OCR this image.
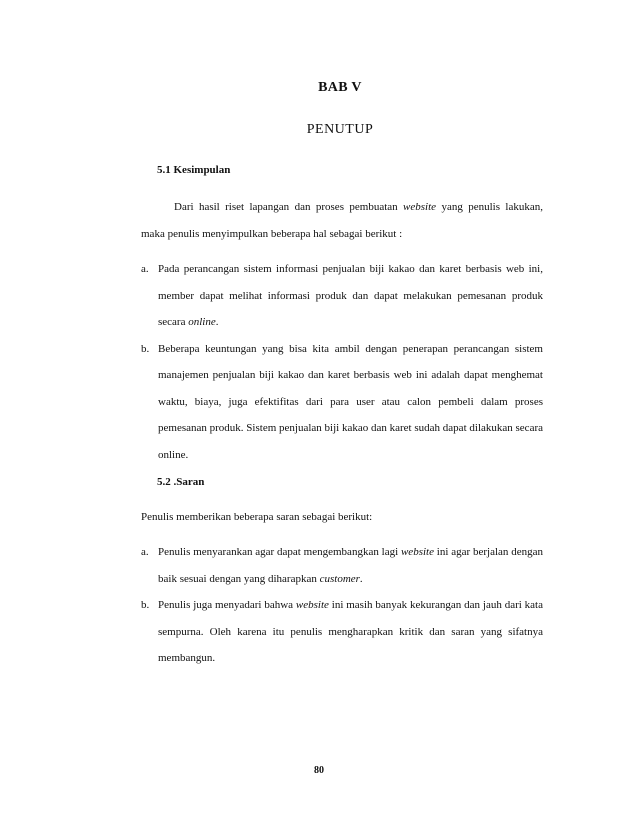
BAB V
PENUTUP
5.1 Kesimpulan
Dari hasil riset lapangan dan proses pembuatan website yang penulis lakukan, maka penulis menyimpulkan beberapa hal sebagai berikut :
a. Pada perancangan sistem informasi penjualan biji kakao dan karet berbasis web ini, member dapat melihat informasi produk dan dapat melakukan pemesanan produk secara online.
b. Beberapa keuntungan yang bisa kita ambil dengan penerapan perancangan sistem manajemen penjualan biji kakao dan karet berbasis web ini adalah dapat menghemat waktu, biaya, juga efektifitas dari para user atau calon pembeli dalam proses pemesanan produk. Sistem penjualan biji kakao dan karet sudah dapat dilakukan secara online.
5.2 .Saran
Penulis memberikan beberapa saran sebagai berikut:
a. Penulis menyarankan agar dapat mengembangkan lagi website ini agar berjalan dengan baik sesuai dengan yang diharapkan customer.
b. Penulis juga menyadari bahwa website ini masih banyak kekurangan dan jauh dari kata sempurna. Oleh karena itu penulis mengharapkan kritik dan saran yang sifatnya membangun.
80
